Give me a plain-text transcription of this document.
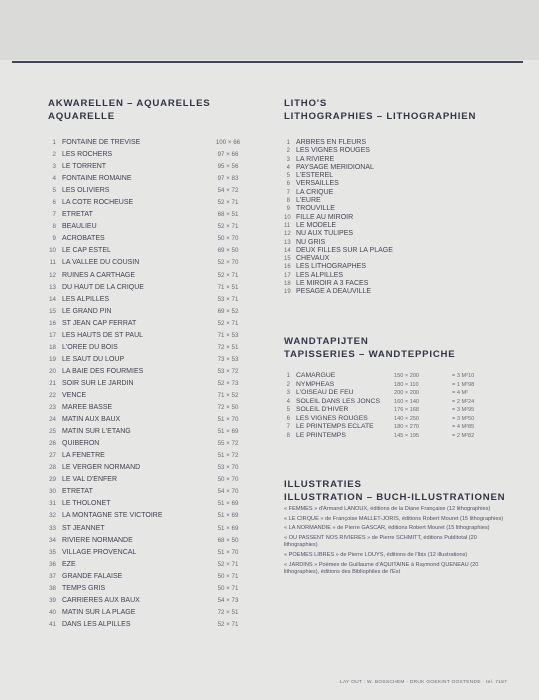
AKWARELLEN – AQUARELLES
AQUARELLE
1 FONTAINE DE TREVISE	100 × 66
2 LES ROCHERS	97 × 66
3 LE TORRENT	95 × 56
4 FONTAINE ROMAINE	97 × 83
5 LES OLIVIERS	54 × 72
6 LA COTE ROCHEUSE	52 × 71
7 ETRETAT	68 × 51
8 BEAULIEU	52 × 71
9 ACROBATES	50 × 70
10 LE CAP ESTEL	69 × 50
11 LA VALLEE DU COUSIN	52 × 70
12 RUINES A CARTHAGE	52 × 71
13 DU HAUT DE LA CRIQUE	71 × 51
14 LES ALPILLES	53 × 71
15 LE GRAND PIN	69 × 52
16 ST JEAN CAP FERRAT	52 × 71
17 LES HAUTS DE ST PAUL	71 × 53
18 L'OREE DU BOIS	72 × 51
19 LE SAUT DU LOUP	73 × 53
20 LA BAIE DES FOURMIES	53 × 72
21 SOIR SUR LE JARDIN	52 × 73
22 VENCE	71 × 52
23 MAREE BASSE	72 × 50
24 MATIN AUX BAUX	51 × 70
25 MATIN SUR L'ETANG	51 × 69
26 QUIBERON	55 × 72
27 LA FENETRE	51 × 72
28 LE VERGER NORMAND	53 × 70
29 LE VAL D'ENFER	50 × 70
30 ETRETAT	54 × 70
31 LE THOLONET	51 × 69
32 LA MONTAGNE STE VICTOIRE	51 × 69
33 ST JEANNET	51 × 69
34 RIVIERE NORMANDE	68 × 50
35 VILLAGE PROVENCAL	51 × 70
36 EZE	52 × 71
37 GRANDE FALAISE	50 × 71
38 TEMPS GRIS	50 × 71
39 CARRIERES AUX BAUX	54 × 73
40 MATIN SUR LA PLAGE	72 × 51
41 DANS LES ALPILLES	52 × 71
LITHO'S
LITHOGRAPHIES – LITHOGRAPHIEN
1 ARBRES EN FLEURS
2 LES VIGNES ROUGES
3 LA RIVIERE
4 PAYSAGE MERIDIONAL
5 L'ESTEREL
6 VERSAILLES
7 LA CRIQUE
8 L'EURE
9 TROUVILLE
10 FILLE AU MIROIR
11 LE MODELE
12 NU AUX TULIPES
13 NU GRIS
14 DEUX FILLES SUR LA PLAGE
15 CHEVAUX
16 LES LITHOGRAPHES
17 LES ALPILLES
18 LE MIROIR A 3 FACES
19 PESAGE A DEAUVILLE
WANDTAPIJTEN
TAPISSERIES – WANDTEPPICHE
1 CAMARGUE	150 × 200	= 3 M²10
2 NYMPHEAS	180 × 110	= 1 M²98
3 L'OISEAU DE FEU	200 × 200	= 4 M²
4 SOLEIL DANS LES JONCS	160 × 140	= 2 M²24
5 SOLEIL D'HIVER	176 × 168	= 3 M²95
6 LES VIGNES ROUGES	140 × 250	= 3 M²50
7 LE PRINTEMPS ECLATE	180 × 270	= 4 M²85
8 LE PRINTEMPS	145 × 195	= 2 M²82
ILLUSTRATIES
ILLUSTRATION – BUCH-ILLUSTRATIONEN
« FEMMES » d'Armand LANOUX, éditions de la Diane Française (12 lithographies)
« LE CIRQUE » de Françoise MALLET-JORIS, éditions Robert Mouret (15 lithographies)
« LA NORMANDIE » de Pierre GASCAR, éditions Robert Mouret (15 lithographies)
« OU PASSENT NOS RIVIERES » de Pierre SCHMITT, éditions Publitotal (20 lithographies)
« POEMES LIBRES » de Pierre LOUYS, éditions de l'Ibis (12 illustrations)
« JARDINS » Poèmes de Guillaume d'AQUITAINE à Raymond QUENEAU (20 lithographies), éditions des Bibliophiles de l'Est
LAY OUT : W. BOSSCHEM · DRUK GOEKINT OOSTENDE · tel. 7187
